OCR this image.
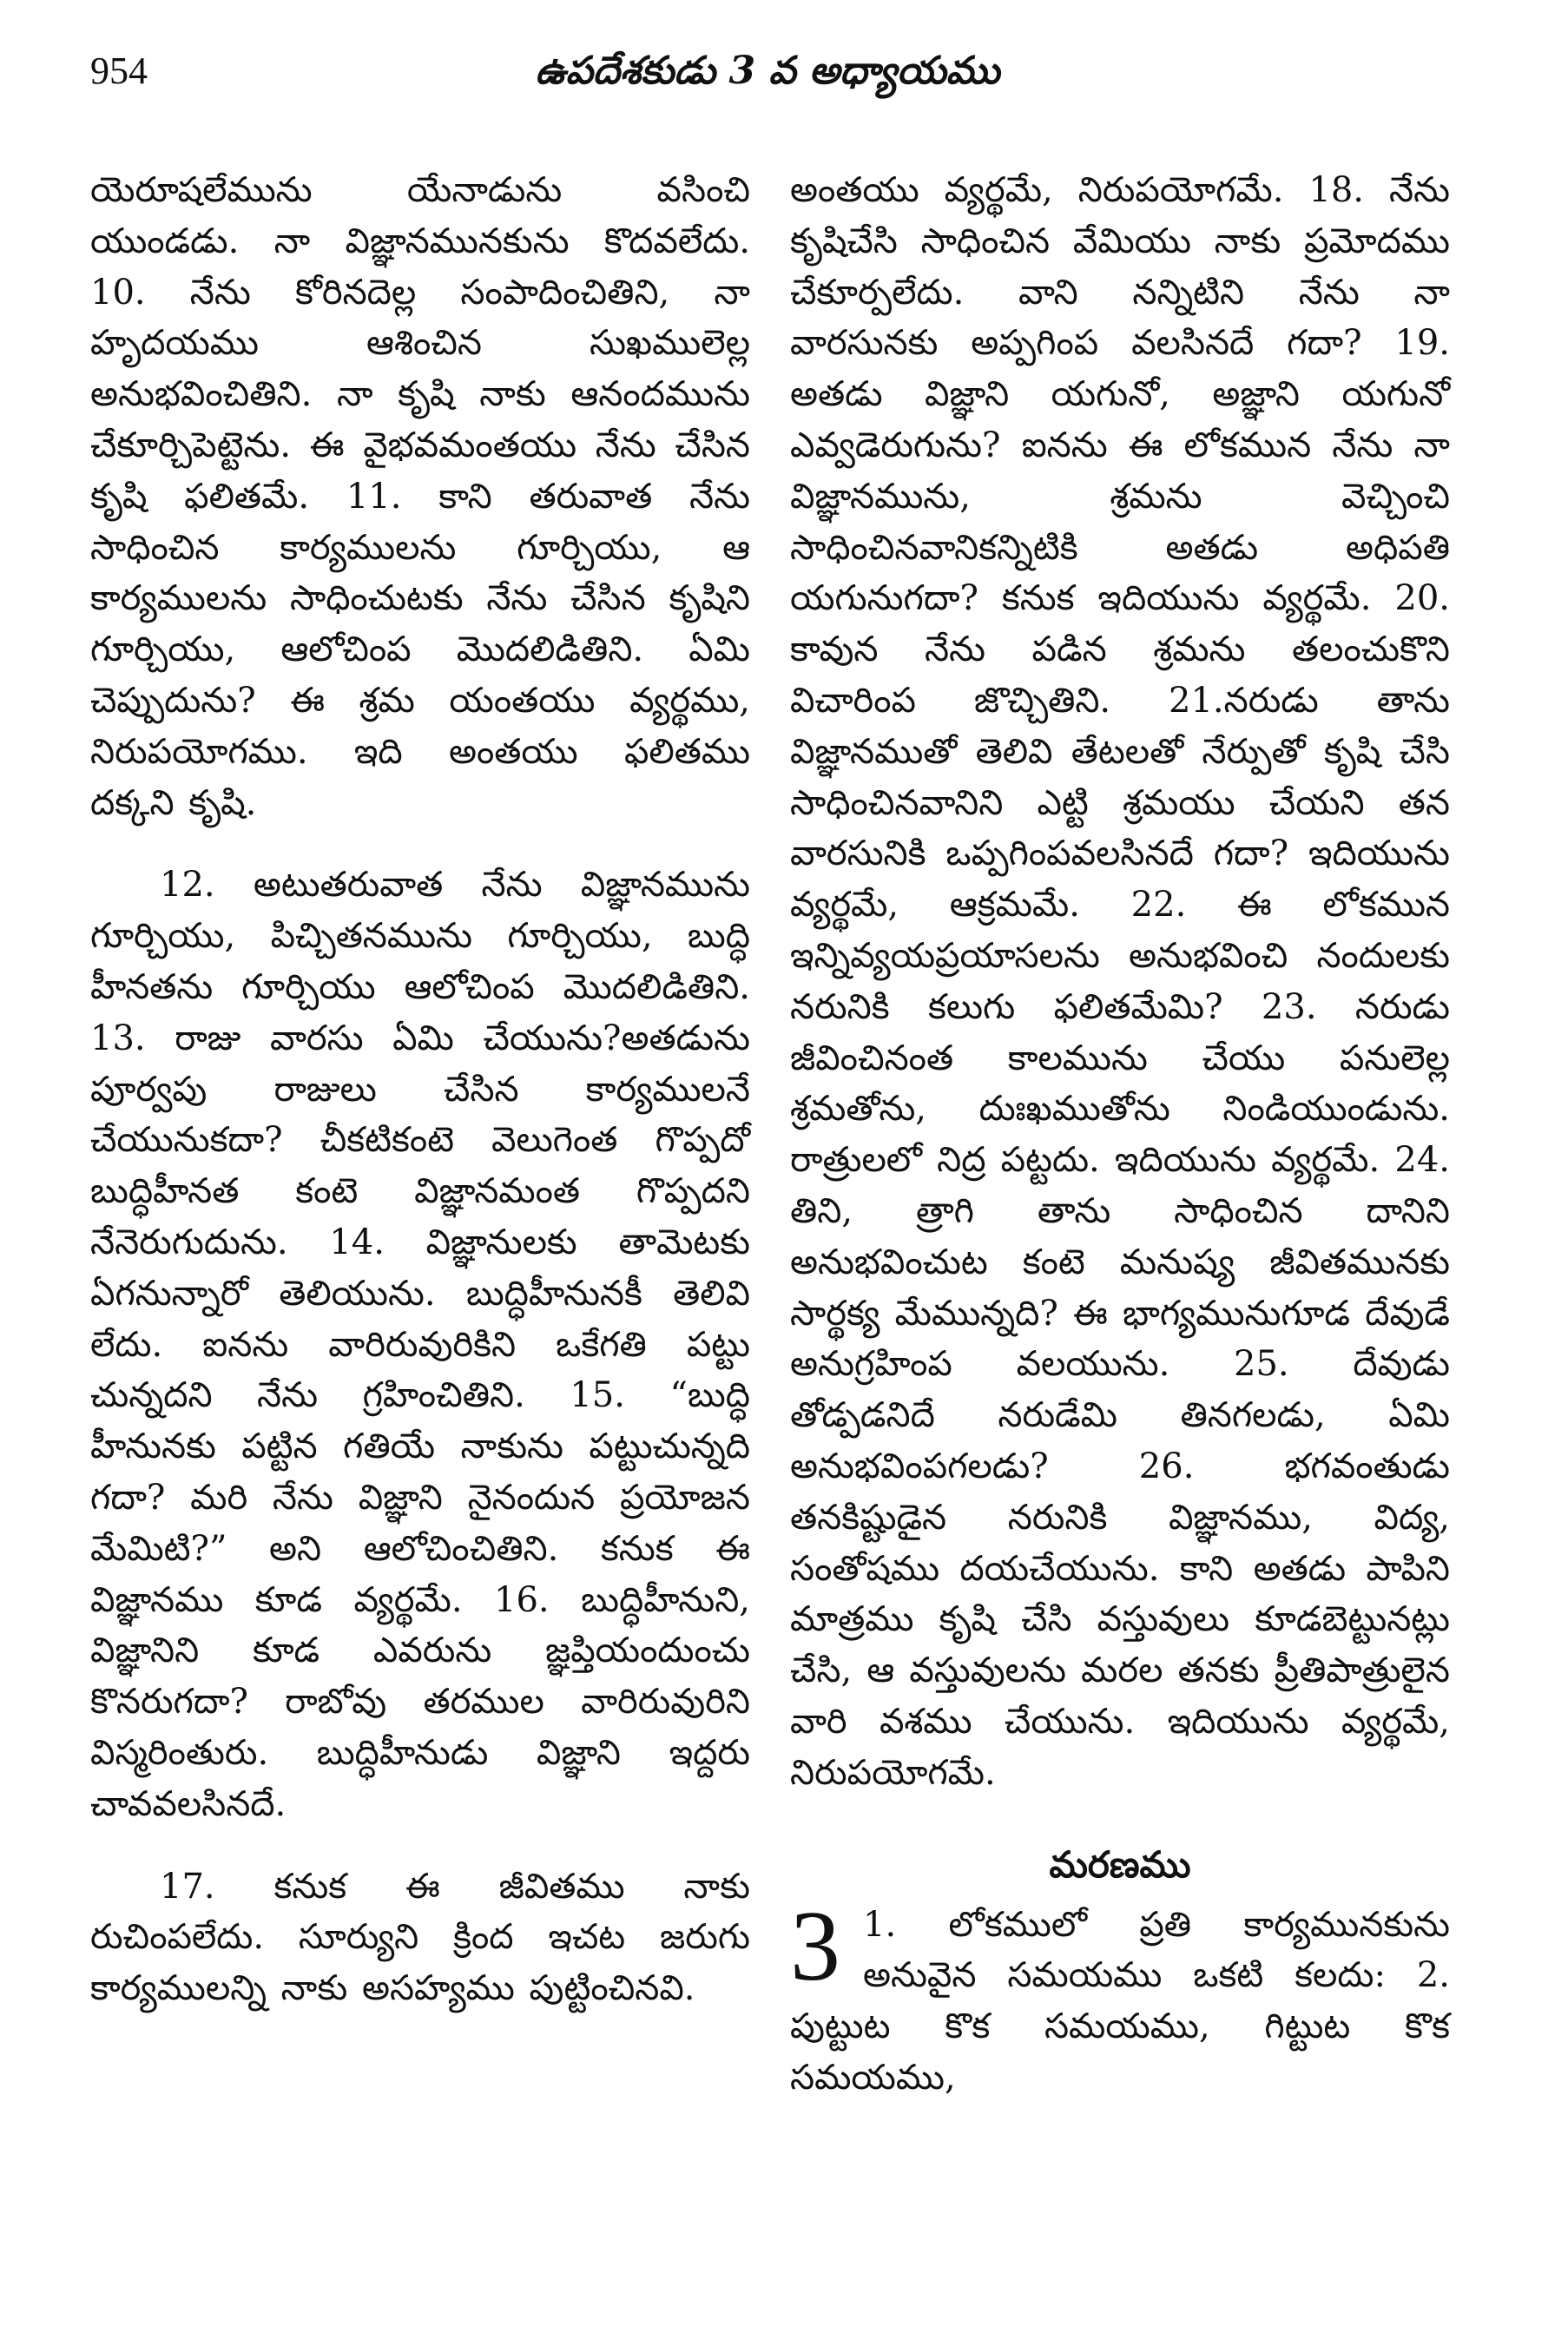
954	ఉపదేశకుడు 3 వ అధ్యాయము

యెరూషలేమును యేనాడును వసించి యుండడు. నా విజ్ఞానమునకును కొదవలేదు. 10. నేను కోరినదెల్ల సంపాదించితిని, నా హృదయము ఆశించిన సుఖములెల్ల అనుభవించితిని. నా కృషి నాకు ఆనందమును చేకూర్చిపెట్టెను. ఈ వైభవమంతయు నేను చేసిన కృషి ఫలితమే. 11. కాని తరువాత నేను సాధించిన కార్యములను గూర్చియు, ఆ కార్యములను సాధించుటకు నేను చేసిన కృషిని గూర్చియు, ఆలోచింప మొదలిడితిని. ఏమి చెప్పుదును? ఈ శ్రమ యంతయు వ్యర్థము, నిరుపయోగము. ఇది అంతయు ఫలితము దక్కని కృషి.

12. అటుతరువాత నేను విజ్ఞానమును గూర్చియు, పిచ్చితనమును గూర్చియు, బుద్ధి హీనతను గూర్చియు ఆలోచింప మొదలిడితిని. 13. రాజు వారసు ఏమి చేయును?అతడును పూర్వపు రాజులు చేసిన కార్యములనే చేయునుకదా? చీకటికంటె వెలుగెంత గొప్పదో బుద్ధిహీనత కంటె విజ్ఞానమంత గొప్పదని నేనెరుగుదును. 14. విజ్ఞానులకు తామెటకు ఏగనున్నారో తెలియును. బుద్ధిహీనునకీ తెలివి లేదు. ఐనను వారిరువురికిని ఒకేగతి పట్టు చున్నదని నేను గ్రహించితిని. 15. “బుద్ధి హీనునకు పట్టిన గతియే నాకును పట్టుచున్నది గదా? మరి నేను విజ్ఞాని నైనందున ప్రయోజన మేమిటి?” అని ఆలోచించితిని. కనుక ఈ విజ్ఞానము కూడ వ్యర్థమే. 16. బుద్ధిహీనుని, విజ్ఞానిని కూడ ఎవరును జ్ఞప్తియందుంచు కొనరుగదా? రాబోవు తరముల వారిరువురిని విస్మరింతురు. బుద్ధిహీనుడు విజ్ఞాని ఇద్దరు చావవలసినదే.

17. కనుక ఈ జీవితము నాకు రుచింపలేదు. సూర్యుని క్రింద ఇచట జరుగు కార్యములన్ని నాకు అసహ్యము పుట్టించినవి.

అంతయు వ్యర్థమే, నిరుపయోగమే. 18. నేను కృషిచేసి సాధించిన వేమియు నాకు ప్రమోదము చేకూర్పలేదు. వాని నన్నిటిని నేను నా వారసునకు అప్పగింప వలసినదే గదా? 19. అతడు విజ్ఞాని యగునో, అజ్ఞాని యగునో ఎవ్వడెరుగును? ఐనను ఈ లోకమున నేను నా విజ్ఞానమును, శ్రమను వెచ్చించి సాధించినవానికన్నిటికి అతడు అధిపతి యగునుగదా? కనుక ఇదియును వ్యర్థమే. 20. కావున నేను పడిన శ్రమను తలంచుకొని విచారింప జొచ్చితిని. 21.నరుడు తాను విజ్ఞానముతో తెలివి తేటలతో నేర్పుతో కృషి చేసి సాధించినవానిని ఎట్టి శ్రమయు చేయని తన వారసునికి ఒప్పగింపవలసినదే గదా? ఇదియును వ్యర్థమే, ఆక్రమమే. 22. ఈ లోకమున ఇన్నివ్యయప్రయాసలను అనుభవించి నందులకు నరునికి కలుగు ఫలితమేమి? 23. నరుడు జీవించినంత కాలమును చేయు పనులెల్ల శ్రమతోను, దుఃఖముతోను నిండియుండును. రాత్రులలో నిద్ర పట్టదు. ఇదియును వ్యర్థమే. 24. తిని, త్రాగి తాను సాధించిన దానిని అనుభవించుట కంటె మనుష్య జీవితమునకు సార్థక్య మేమున్నది? ఈ భాగ్యమునుగూడ దేవుడే అనుగ్రహింప వలయును. 25. దేవుడు తోడ్పడనిదే నరుడేమి తినగలడు, ఏమి అనుభవింపగలడు? 26. భగవంతుడు తనకిష్టుడైన నరునికి విజ్ఞానము, విద్య, సంతోషము దయచేయును. కాని అతడు పాపిని మాత్రము కృషి చేసి వస్తువులు కూడబెట్టునట్లు చేసి, ఆ వస్తువులను మరల తనకు ప్రీతిపాత్రులైన వారి వశము చేయును. ఇదియును వ్యర్థమే, నిరుపయోగమే.

మరణము

3 1. లోకములో ప్రతి కార్యమునకును అనువైన సమయము ఒకటి కలదు: 2. పుట్టుట కొక సమయము, గిట్టుట కొక సమయము,
